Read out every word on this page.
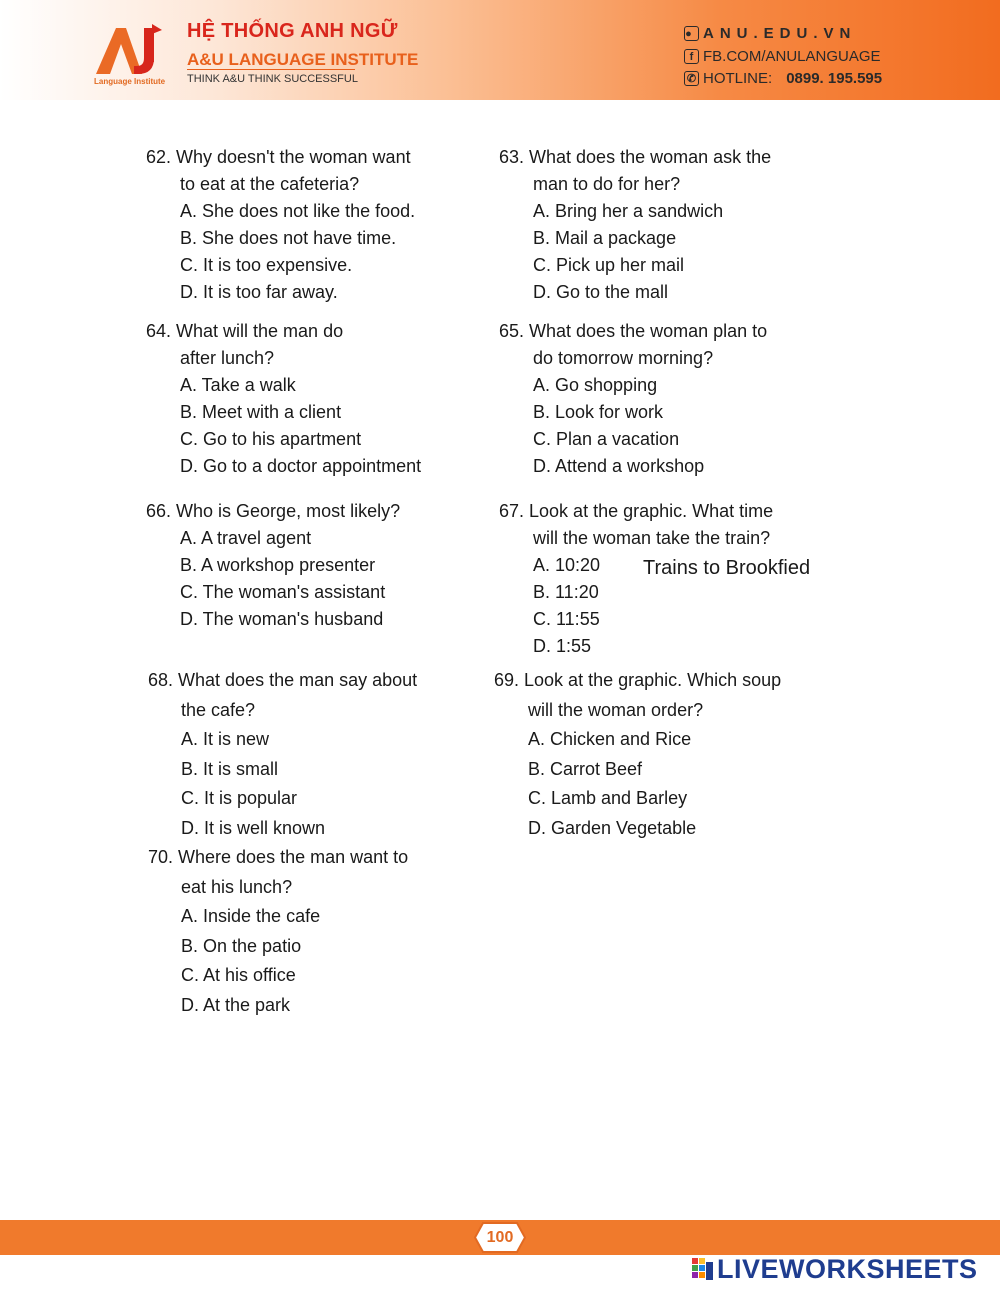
Language Institute
HỆ THỐNG ANH NGỮ
A&U LANGUAGE INSTITUTE
THINK A&U THINK SUCCESSFUL
● ANU.EDU.VN
f FB.COM/ANULANGUAGE
✆ HOTLINE: 0899. 195.595
62. Why doesn't the woman want
to eat at the cafeteria?
A. She does not like the food.
B. She does not have time.
C. It is too expensive.
D. It is too far away.
63. What does the woman ask the
man to do for her?
A. Bring her a sandwich
B. Mail a package
C. Pick up her mail
D. Go to the mall
64. What will the man do
after lunch?
A. Take a walk
B. Meet with a client
C. Go to his apartment
D. Go to a doctor appointment
65. What does the woman plan to
do tomorrow morning?
A. Go shopping
B. Look for work
C. Plan a vacation
D. Attend a workshop
66. Who is George, most likely?
A. A travel agent
B. A workshop presenter
C. The woman's assistant
D. The woman's husband
67. Look at the graphic. What time
will the woman take the train?
A. 10:20
B. 11:20
C. 11:55
D. 1:55
Trains to Brookfied
68. What does the man say about
the cafe?
A. It is new
B. It is small
C. It is popular
D. It is well known
69. Look at the graphic. Which soup
will the woman order?
A. Chicken and Rice
B. Carrot Beef
C. Lamb and Barley
D. Garden Vegetable
70. Where does the man want to
eat his lunch?
A. Inside the cafe
B. On the patio
C. At his office
D. At the park
100
LIVEWORKSHEETS
